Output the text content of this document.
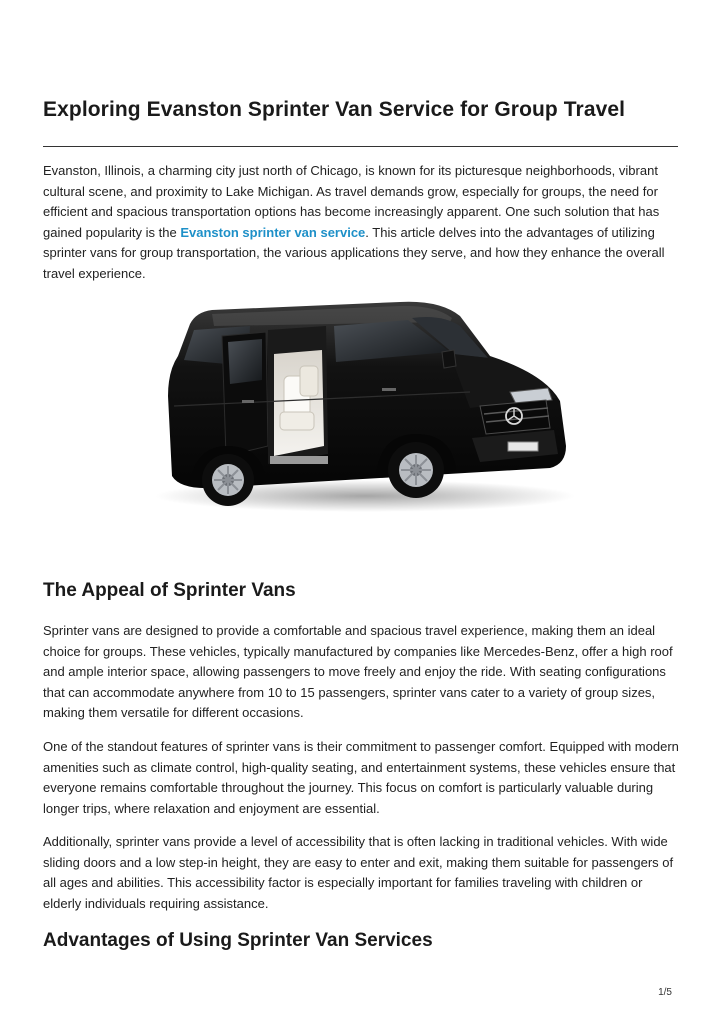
Exploring Evanston Sprinter Van Service for Group Travel

Evanston, Illinois, a charming city just north of Chicago, is known for its picturesque neighborhoods, vibrant cultural scene, and proximity to Lake Michigan. As travel demands grow, especially for groups, the need for efficient and spacious transportation options has become increasingly apparent. One such solution that has gained popularity is the Evanston sprinter van service. This article delves into the advantages of utilizing sprinter vans for group transportation, the various applications they serve, and how they enhance the overall travel experience.

The Appeal of Sprinter Vans

Sprinter vans are designed to provide a comfortable and spacious travel experience, making them an ideal choice for groups. These vehicles, typically manufactured by companies like Mercedes-Benz, offer a high roof and ample interior space, allowing passengers to move freely and enjoy the ride. With seating configurations that can accommodate anywhere from 10 to 15 passengers, sprinter vans cater to a variety of group sizes, making them versatile for different occasions.

One of the standout features of sprinter vans is their commitment to passenger comfort. Equipped with modern amenities such as climate control, high-quality seating, and entertainment systems, these vehicles ensure that everyone remains comfortable throughout the journey. This focus on comfort is particularly valuable during longer trips, where relaxation and enjoyment are essential.

Additionally, sprinter vans provide a level of accessibility that is often lacking in traditional vehicles. With wide sliding doors and a low step-in height, they are easy to enter and exit, making them suitable for passengers of all ages and abilities. This accessibility factor is especially important for families traveling with children or elderly individuals requiring assistance.

Advantages of Using Sprinter Van Services
1/5
